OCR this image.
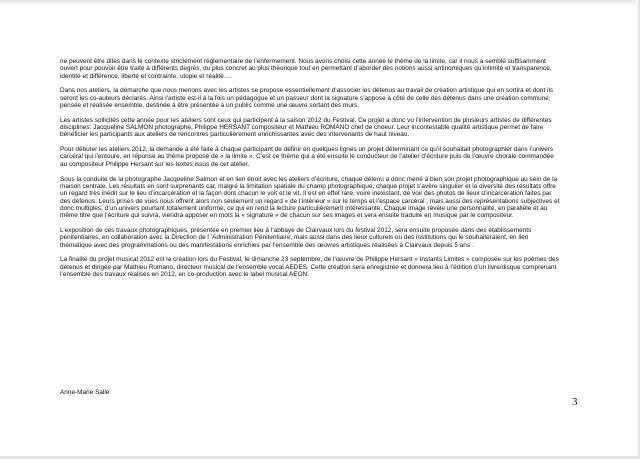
ne peuvent être dites dans le contexte strictement réglementaire de l’enfermement. Nous avons choisi cette année le thème de la limite, car il nous a semblé suffisamment ouvert pour pouvoir être traité à différents degrés, du plus concret au plus théorique tout en permettant d’aborder des notions aussi antinomiques qu’intimité et transparence, identité et différence, liberté et contrainte, utopie et réalité….

Dans nos ateliers, la démarche que nous menons avec les artistes se propose essentiellement d’associer les détenus au travail de création artistique qui en sortira et dont ils seront les co-auteurs déclarés. Ainsi l’artiste est-il à la fois un pédagogue et un passeur dont la signature s’appose à côté de celle des détenus dans une création commune, pensée et réalisée ensemble, destinée à être présentée à un public comme une œuvre sortant des murs.

Les artistes sollicités cette année pour les ateliers sont ceux qui participent à la saison 2012 du Festival. Ce projet a donc vu l’intervention de plusieurs artistes de différentes disciplines: Jacqueline SALMON photographe, Philippe HERSANT compositeur et Mathieu ROMANO chef de choeur. Leur incontestable qualité artistique permet de faire bénéficier les participants aux ateliers de rencontres particulièrement enrichissantes avec des intervenants de haut niveau.

Pour débuter les ateliers 2012, la demande a été faite à chaque participant de définir en quelques lignes un projet déterminant ce qu’il souhaitait photographier dans l’univers carcéral qui l’entoure, en réponse au thème proposé de « la limite ». C’est ce thème qui a été ensuite le conducteur de l’atelier d’écriture puis de l’œuvre chorale commandée au compositeur Philippe Hersant sur les textes issus de cet atelier.

Sous la conduite de la photographe Jacqueline Salmon et en lien étroit avec les ateliers d’écriture, chaque détenu a donc mené à bien son projet photographique au sein de la maison centrale. Les résultats en sont surprenants car, malgré la limitation spatiale du champ photographique, chaque projet s’avère singulier et la diversité des résultats offre un regard très inédit sur le lieu d’incarcération et la façon dont chacun le voit et le vit. Il est en effet rare, voire inexistant, de voir des photos de lieux d’incarcération faites par des détenus. Leurs prises de vues nous offrent alors non seulement un regard « de l’intérieur » sur le temps et l’espace carcéral , mais aussi des représentations subjectives et donc multiples, d’un univers pourtant totalement uniforme, ce qui en rend la lecture particulièrement intéressante. Chaque image révèle une personnalité, en parallèle et au même titre que l’écriture qui suivra, viendra apposer en mots la « signature » de chacun sur ses images et sera ensuite traduite en musique par le compositeur.

L’exposition de ces travaux photographiques, présentée en premier lieu à l’abbaye de Clairvaux lors du festival 2012, sera ensuite proposée dans des établissements pénitentiaires, en collaboration avec la Direction de l ’Administration Pénitentiaire, mais aussi dans des lieux culturels ou des institutions qui le souhaiteraient, en lien thématique avec des programmations ou des manifestations enrichies par l’ensemble des œuvres artistiques réalisées à Clairvaux depuis 5 ans .

La finalité du projet musical 2012 est la création lors du Festival, le dimanche 23 septembre, de l’œuvre de Philippe Hersant « Instants Limites » composée sur les poèmes des détenus et dirigée par Mathieu Romano, directeur musical de l’ensemble vocal AEDES. Cette création sera enregistrée et donnera lieu à l’édition d’un livre/disque comprenant l’ensemble des travaux réalisés en 2012, en co-production avec le label musical AEON.

Anne-Marie Sallé
3
